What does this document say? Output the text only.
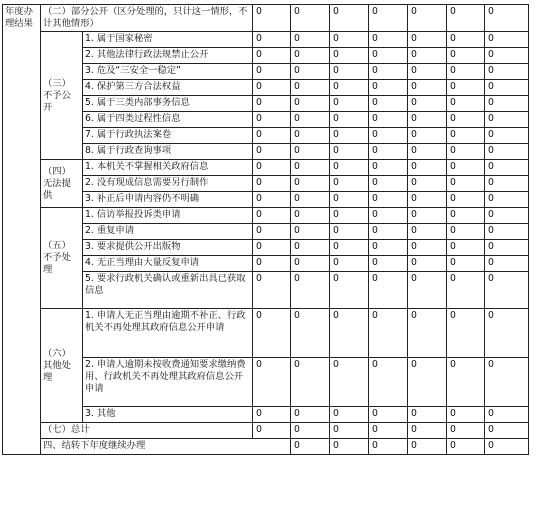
年度办理结果	（二）部分公开（区分处理的，只计这一情形，不计其他情形）		0	0	0	0	0	0	0	
	（三）不予公开	1. 属于国家秘密	0	0	0	0	0	0	0	
		2. 其他法律行政法规禁止公开	0	0	0	0	0	0	0	
		3. 危及“三安全一稳定”	0	0	0	0	0	0	0	
		4. 保护第三方合法权益	0	0	0	0	0	0	0	
		5. 属于三类内部事务信息	0	0	0	0	0	0	0	
		6. 属于四类过程性信息	0	0	0	0	0	0	0	
		7. 属于行政执法案卷	0	0	0	0	0	0	0	
		8. 属于行政查询事项	0	0	0	0	0	0	0	
	（四）无法提供	1. 本机关不掌握相关政府信息	0	0	0	0	0	0	0	
		2. 没有现成信息需要另行制作	0	0	0	0	0	0	0	
		3. 补正后申请内容仍不明确	0	0	0	0	0	0	0	
	（五）不予处理	1. 信访举报投诉类申请	0	0	0	0	0	0	0	
		2. 重复申请	0	0	0	0	0	0	0	
		3. 要求提供公开出版物	0	0	0	0	0	0	0	
		4. 无正当理由大量反复申请	0	0	0	0	0	0	0	
		5. 要求行政机关确认或重新出具已获取信息	0	0	0	0	0	0	0	
	（六）其他处理	1. 申请人无正当理由逾期不补正、行政机关不再处理其政府信息公开申请	0	0	0	0	0	0	0	
		2. 申请人逾期未按收费通知要求缴纳费用、行政机关不再处理其政府信息公开申请	0	0	0	0	0	0	0	
		3. 其他	0	0	0	0	0	0	0	
	（七）总计		0	0	0	0	0	0	0	
	四、结转下年度继续办理			0	0	0	0	0	0	
